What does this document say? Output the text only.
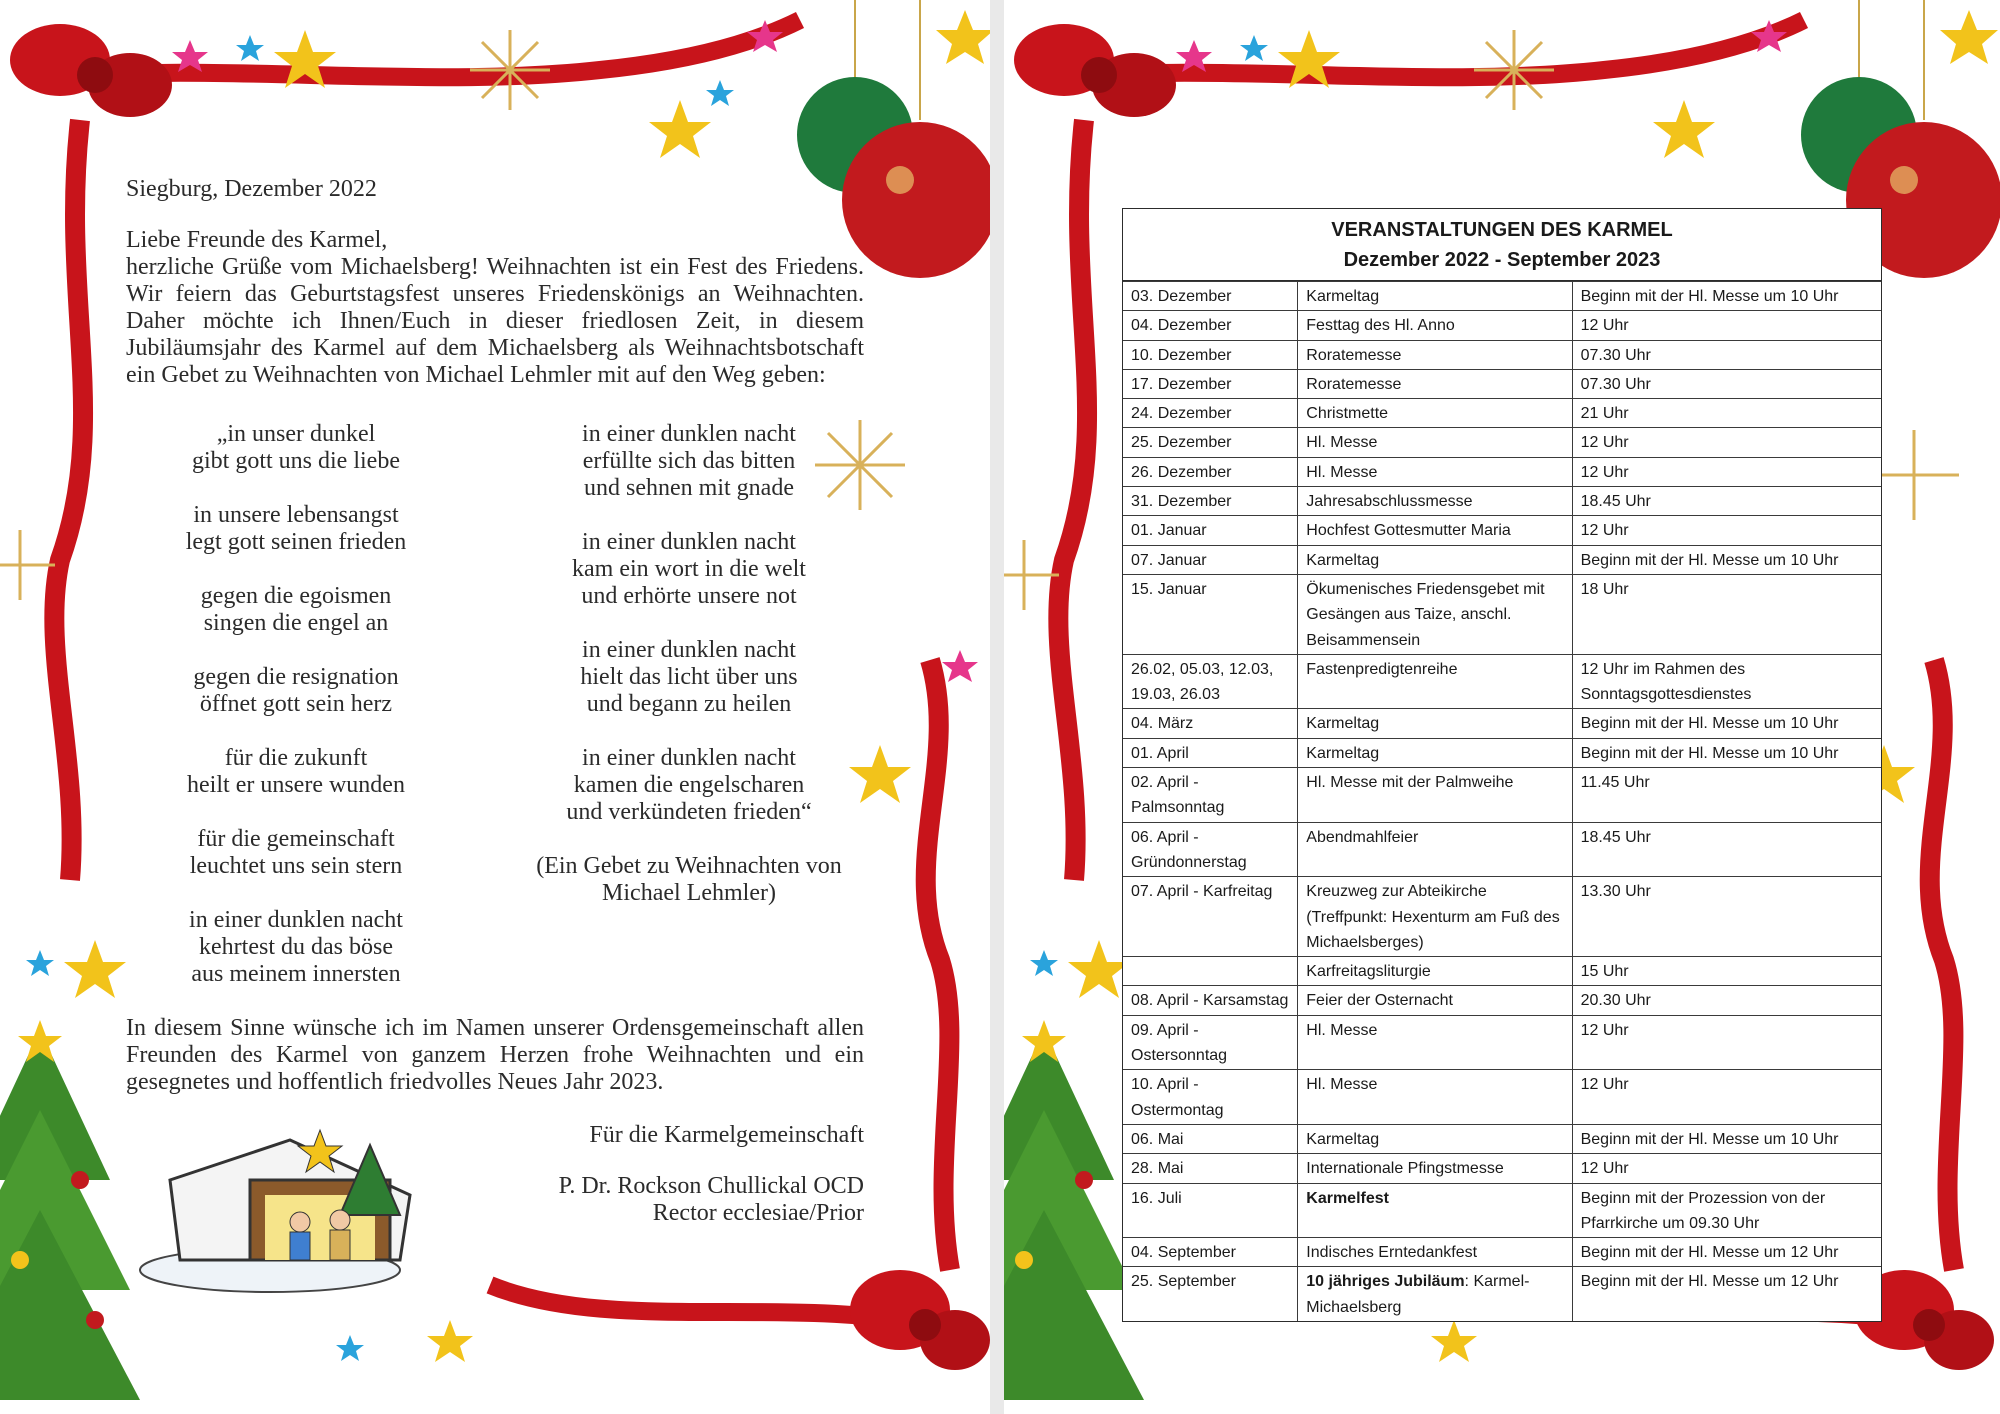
Siegburg, Dezember 2022

Liebe Freunde des Karmel,

herzliche Grüße vom Michaelsberg! Weihnachten ist ein Fest des Friedens. Wir feiern das Geburtstagsfest unseres Friedenskönigs an Weihnachten. Daher möchte ich Ihnen/Euch in dieser friedlosen Zeit, in diesem Jubiläumsjahr des Karmel auf dem Michaelsberg als Weihnachtsbotschaft ein Gebet zu Weihnachten von Michael Lehmler mit auf den Weg geben:

„in unser dunkel
gibt gott uns die liebe

in unsere lebensangst
legt gott seinen frieden

gegen die egoismen
singen die engel an

gegen die resignation
öffnet gott sein herz

für die zukunft
heilt er unsere wunden

für die gemeinschaft
leuchtet uns sein stern

in einer dunklen nacht
kehrtest du das böse
aus meinem innersten

in einer dunklen nacht
erfüllte sich das bitten
und sehnen mit gnade

in einer dunklen nacht
kam ein wort in die welt
und erhörte unsere not

in einer dunklen nacht
hielt das licht über uns
und begann zu heilen

in einer dunklen nacht
kamen die engelscharen
und verkündeten frieden“

(Ein Gebet zu Weihnachten von
Michael Lehmler)

In diesem Sinne wünsche ich im Namen unserer Ordensgemeinschaft allen Freunden des Karmel von ganzem Herzen frohe Weihnachten und ein gesegnetes und hoffentlich friedvolles Neues Jahr 2023.

Für die Karmelgemeinschaft

P. Dr. Rockson Chullickal OCD

Rector ecclesiae/Prior

VERANSTALTUNGEN DES KARMEL
Dezember 2022 - September 2023
03. Dezember	Karmeltag	Beginn mit der Hl. Messe um 10 Uhr
04. Dezember	Festtag des Hl. Anno	12 Uhr
10. Dezember	Roratemesse	07.30 Uhr
17. Dezember	Roratemesse	07.30 Uhr
24. Dezember	Christmette	21 Uhr
25. Dezember	Hl. Messe	12 Uhr
26. Dezember	Hl. Messe	12 Uhr
31. Dezember	Jahresabschlussmesse	18.45 Uhr
01. Januar	Hochfest Gottesmutter Maria	12 Uhr
07. Januar	Karmeltag	Beginn mit der Hl. Messe um 10 Uhr
15. Januar	Ökumenisches Friedensgebet mit Gesängen aus Taize, anschl. Beisammensein	18 Uhr
26.02, 05.03, 12.03, 19.03, 26.03	Fastenpredigtenreihe	12 Uhr im Rahmen des Sonntagsgottesdienstes
04. März	Karmeltag	Beginn mit der Hl. Messe um 10 Uhr
01. April	Karmeltag	Beginn mit der Hl. Messe um 10 Uhr
02. April - Palmsonntag	Hl. Messe mit der Palmweihe	11.45 Uhr
06. April - Gründonnerstag	Abendmahlfeier	18.45 Uhr
07. April - Karfreitag	Kreuzweg zur Abteikirche (Treffpunkt: Hexenturm am Fuß des Michaelsberges)	13.30 Uhr
	Karfreitagsliturgie	15 Uhr
08. April - Karsamstag	Feier der Osternacht	20.30 Uhr
09. April - Ostersonntag	Hl. Messe	12 Uhr
10. April - Ostermontag	Hl. Messe	12 Uhr
06. Mai	Karmeltag	Beginn mit der Hl. Messe um 10 Uhr
28. Mai	Internationale Pfingstmesse	12 Uhr
16. Juli	Karmelfest	Beginn mit der Prozession von der Pfarrkirche um 09.30 Uhr
04. September	Indisches Erntedankfest	Beginn mit der Hl. Messe um 12 Uhr
25. September	10 jähriges Jubiläum: Karmel-Michaelsberg	Beginn mit der Hl. Messe um 12 Uhr
